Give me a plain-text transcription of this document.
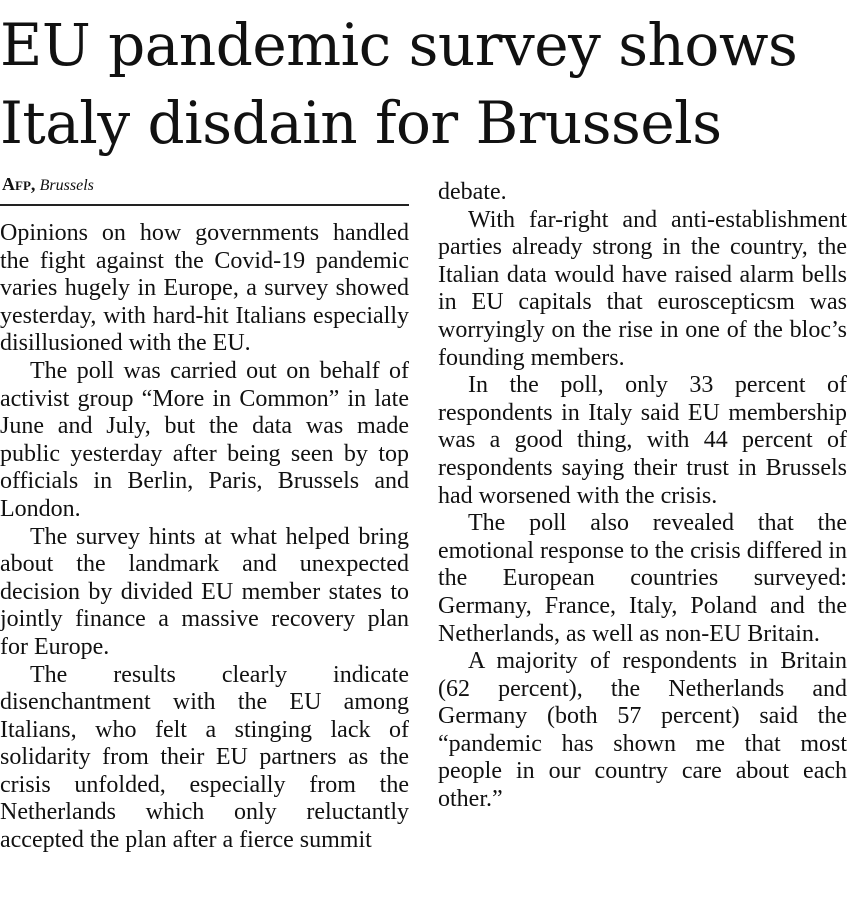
EU pandemic survey shows
Italy disdain for Brussels
Afp, Brussels

Opinions on how governments handled the fight against the Covid-19 pandemic varies hugely in Europe, a survey showed yesterday, with hard-hit Italians especially disillusioned with the EU.

The poll was carried out on behalf of activist group “More in Common” in late June and July, but the data was made public yesterday after being seen by top officials in Berlin, Paris, Brussels and London.

The survey hints at what helped bring about the landmark and unexpected decision by divided EU member states to jointly finance a massive recovery plan for Europe.

The results clearly indicate disenchantment with the EU among Italians, who felt a stinging lack of solidarity from their EU partners as the crisis unfolded, especially from the Netherlands which only reluctantly accepted the plan after a fierce summit

debate.

With far-right and anti-establishment parties already strong in the country, the Italian data would have raised alarm bells in EU capitals that euroscepticsm was worryingly on the rise in one of the bloc’s founding members.

In the poll, only 33 percent of respondents in Italy said EU membership was a good thing, with 44 percent of respondents saying their trust in Brussels had worsened with the crisis.

The poll also revealed that the emotional response to the crisis differed in the European countries surveyed: Germany, France, Italy, Poland and the Netherlands, as well as non-EU Britain.

A majority of respondents in Britain (62 percent), the Netherlands and Germany (both 57 percent) said the “pandemic has shown me that most people in our country care about each other.”
